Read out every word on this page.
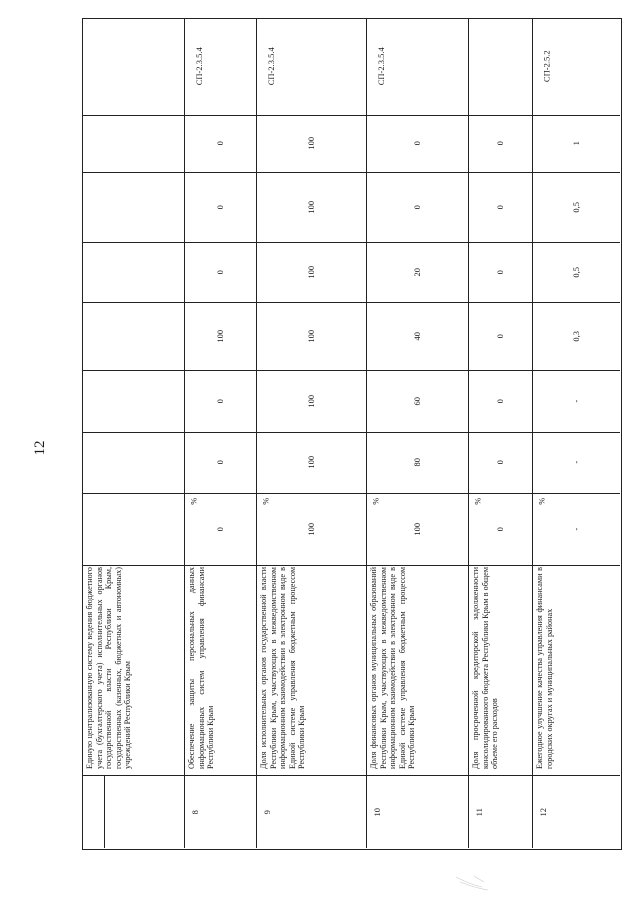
12
Единую централизованную систему ведения бюджетного учета (бухгалтерского учета) исполнительных органов государственной власти Республики Крым, государственных (казенных, бюджетных и автономных) учреждений Республики Крым
СП-2.3.5.4
0
0
0
100
0
0
0
%
Обеспечение защиты персональных данных информационных систем управления финансами Республики Крым
8
СП-2.3.5.4
100
100
100
100
100
100
100
%
Доля исполнительных органов государственной власти Республики Крым, участвующих в межведомственном информационном взаимодействии в электронном виде в Единой системе управления бюджетным процессом Республики Крым
9
СП-2.3.5.4
0
0
20
40
60
80
100
%
Доля финансовых органов муниципальных образований Республики Крым, участвующих в межведомственном информационном взаимодействии в электронном виде в Единой системе управления бюджетным процессом Республики Крым
10
0
0
0
0
0
0
0
%
Доля просроченной кредиторской задолженности консолидированного бюджета Республики Крым в общем объеме его расходов
11
СП-2.5.2
1
0,5
0,5
0,3
-
-
-
%
Ежегодное улучшение качества управления финансами в городских округах и муниципальных районах
12
